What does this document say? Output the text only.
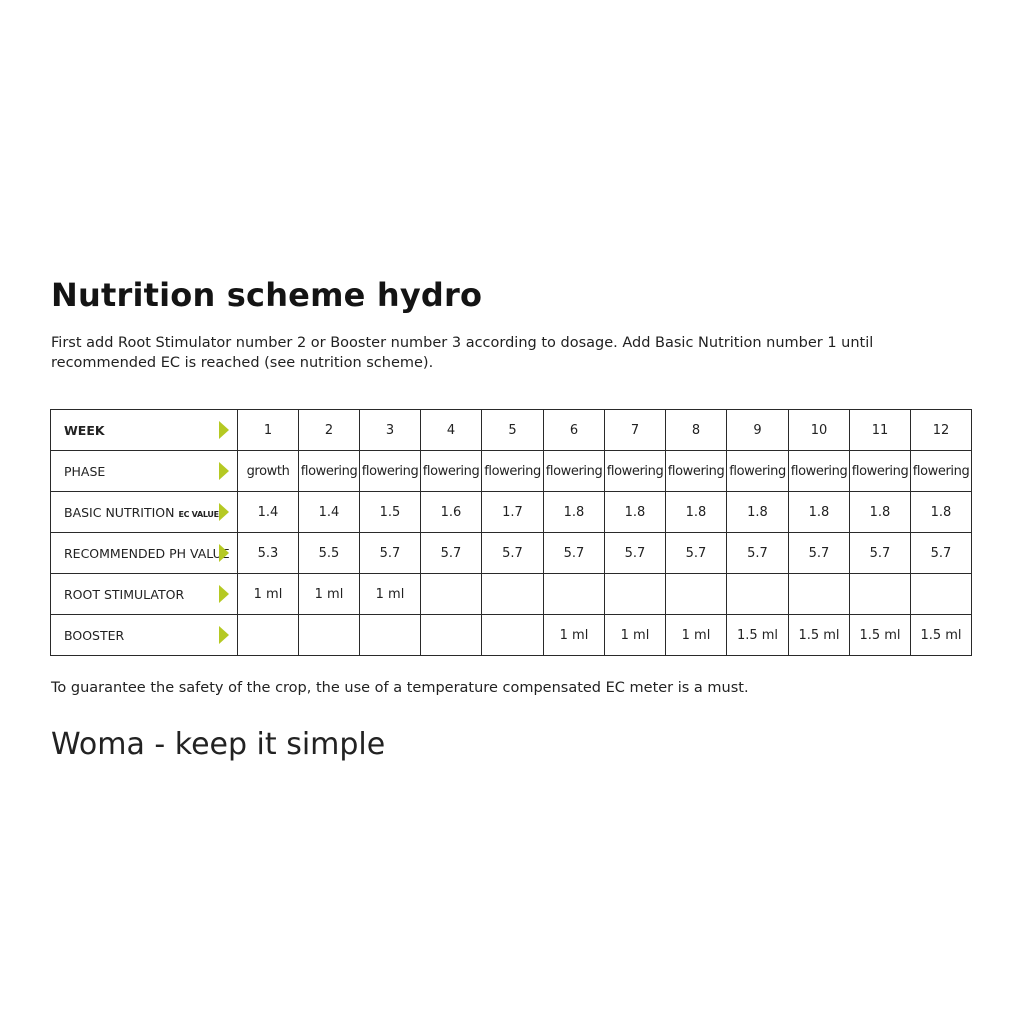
Nutrition scheme hydro

First add Root Stimulator number 2 or Booster number 3 according to dosage. Add Basic Nutrition number 1 until recommended EC is reached (see nutrition scheme).

WEEK	1	2	3	4	5	6	7	8	9	10	11	12
PHASE	growth	flowering	flowering	flowering	flowering	flowering	flowering	flowering	flowering	flowering	flowering	flowering
BASIC NUTRITION EC VALUE	1.4	1.4	1.5	1.6	1.7	1.8	1.8	1.8	1.8	1.8	1.8	1.8
RECOMMENDED PH VALUE	5.3	5.5	5.7	5.7	5.7	5.7	5.7	5.7	5.7	5.7	5.7	5.7
ROOT STIMULATOR	1 ml	1 ml	1 ml									
BOOSTER						1 ml	1 ml	1 ml	1.5 ml	1.5 ml	1.5 ml	1.5 ml

To guarantee the safety of the crop, the use of a temperature compensated EC meter is a must.

Woma - keep it simple
